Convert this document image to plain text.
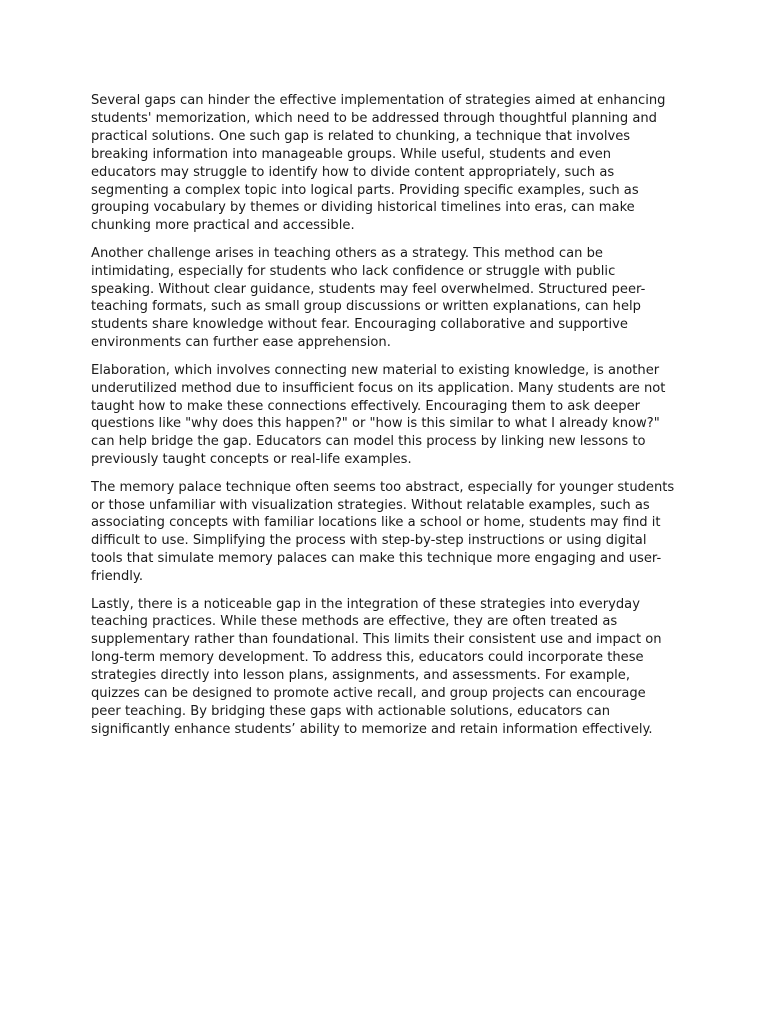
Several gaps can hinder the effective implementation of strategies aimed at enhancing students' memorization, which need to be addressed through thoughtful planning and practical solutions. One such gap is related to chunking, a technique that involves breaking information into manageable groups. While useful, students and even educators may struggle to identify how to divide content appropriately, such as segmenting a complex topic into logical parts. Providing specific examples, such as grouping vocabulary by themes or dividing historical timelines into eras, can make chunking more practical and accessible.

Another challenge arises in teaching others as a strategy. This method can be intimidating, especially for students who lack confidence or struggle with public speaking. Without clear guidance, students may feel overwhelmed. Structured peer-teaching formats, such as small group discussions or written explanations, can help students share knowledge without fear. Encouraging collaborative and supportive environments can further ease apprehension.

Elaboration, which involves connecting new material to existing knowledge, is another underutilized method due to insufficient focus on its application. Many students are not taught how to make these connections effectively. Encouraging them to ask deeper questions like "why does this happen?" or "how is this similar to what I already know?" can help bridge the gap. Educators can model this process by linking new lessons to previously taught concepts or real-life examples.

The memory palace technique often seems too abstract, especially for younger students or those unfamiliar with visualization strategies. Without relatable examples, such as associating concepts with familiar locations like a school or home, students may find it difficult to use. Simplifying the process with step-by-step instructions or using digital tools that simulate memory palaces can make this technique more engaging and user-friendly.

Lastly, there is a noticeable gap in the integration of these strategies into everyday teaching practices. While these methods are effective, they are often treated as supplementary rather than foundational. This limits their consistent use and impact on long-term memory development. To address this, educators could incorporate these strategies directly into lesson plans, assignments, and assessments. For example, quizzes can be designed to promote active recall, and group projects can encourage peer teaching. By bridging these gaps with actionable solutions, educators can significantly enhance students’ ability to memorize and retain information effectively.
